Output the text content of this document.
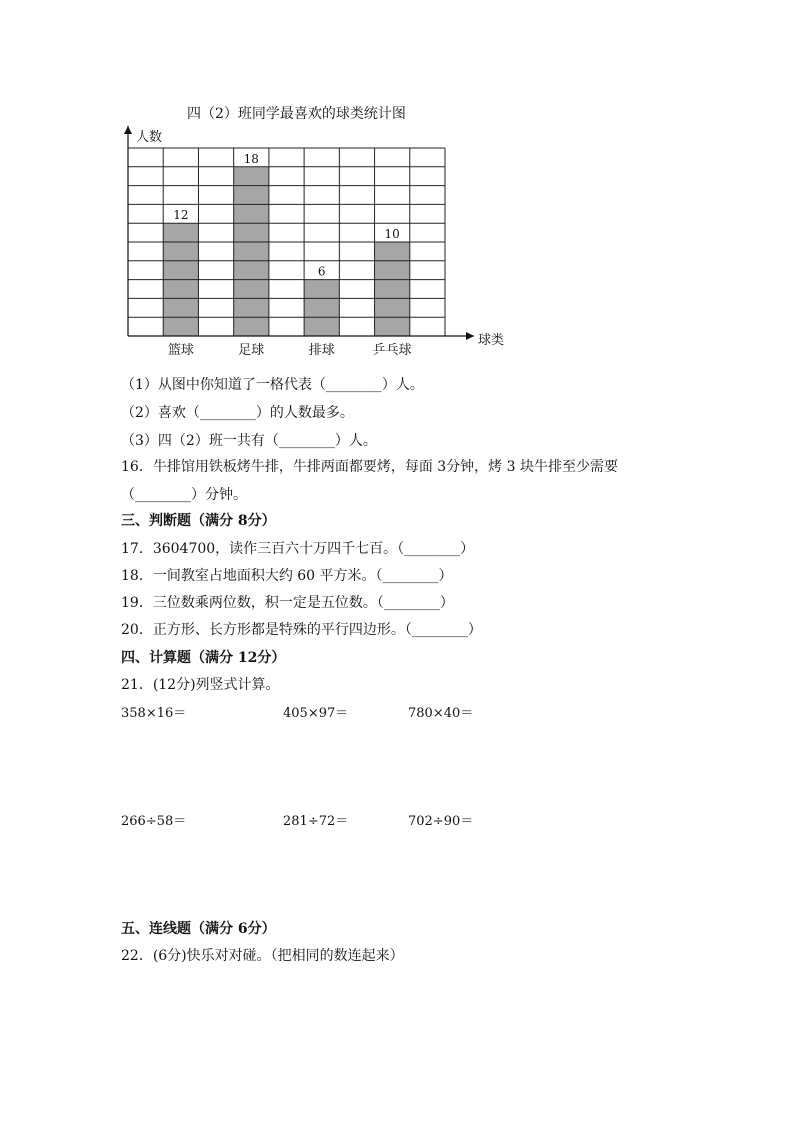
四（2）班同学最喜欢的球类统计图
12
篮球
18
足球
6
排球
10
乒乓球
人数
球类
（1）从图中你知道了一格代表（________）人。
（2）喜欢（________）的人数最多。
（3）四（2）班一共有（________）人。
16．牛排馆用铁板烤牛排，牛排两面都要烤，每面 3分钟，烤 3 块牛排至少需要
（________）分钟。
三、判断题（满分 8分）
17．3604700，读作三百六十万四千七百。（________）
18．一间教室占地面积大约 60 平方米。（________）
19．三位数乘两位数，积一定是五位数。（________）
20．正方形、长方形都是特殊的平行四边形。（________）
四、计算题（满分 12分）
21．(12分)列竖式计算。
358×16＝	405×97＝	780×40＝
266÷58＝	281÷72＝	702÷90＝
五、连线题（满分 6分）
22．(6分)快乐对对碰。（把相同的数连起来）
